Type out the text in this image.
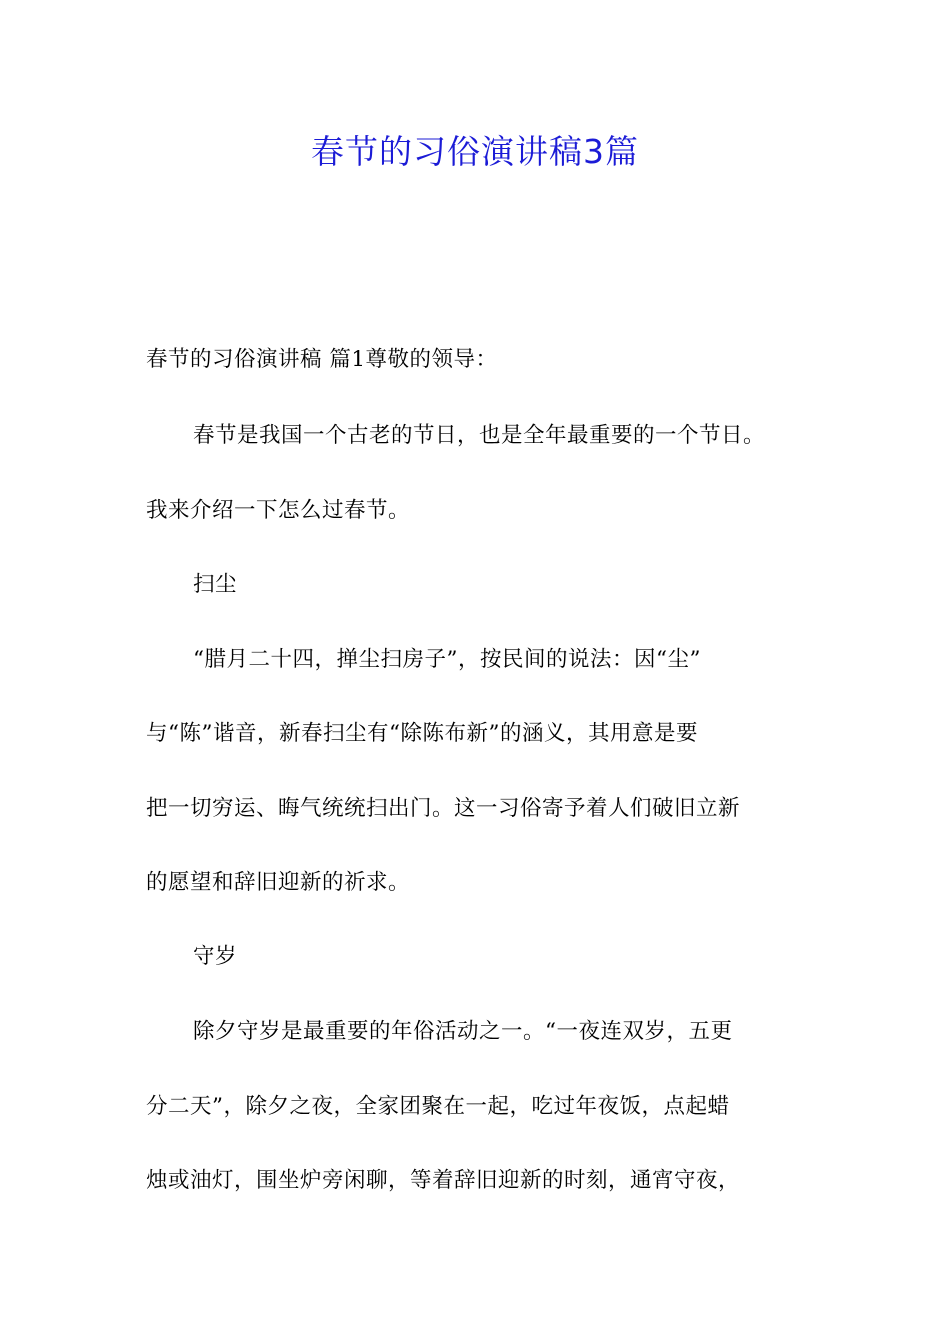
春节的习俗演讲稿3篇
春节的习俗演讲稿 篇1尊敬的领导：
春节是我国一个古老的节日，也是全年最重要的一个节日。
我来介绍一下怎么过春节。
扫尘
“腊月二十四，掸尘扫房子”，按民间的说法：因“尘”
与“陈”谐音，新春扫尘有“除陈布新”的涵义，其用意是要
把一切穷运、晦气统统扫出门。这一习俗寄予着人们破旧立新
的愿望和辞旧迎新的祈求。
守岁
除夕守岁是最重要的年俗活动之一。“一夜连双岁，五更
分二天”，除夕之夜，全家团聚在一起，吃过年夜饭，点起蜡
烛或油灯，围坐炉旁闲聊，等着辞旧迎新的时刻，通宵守夜，
